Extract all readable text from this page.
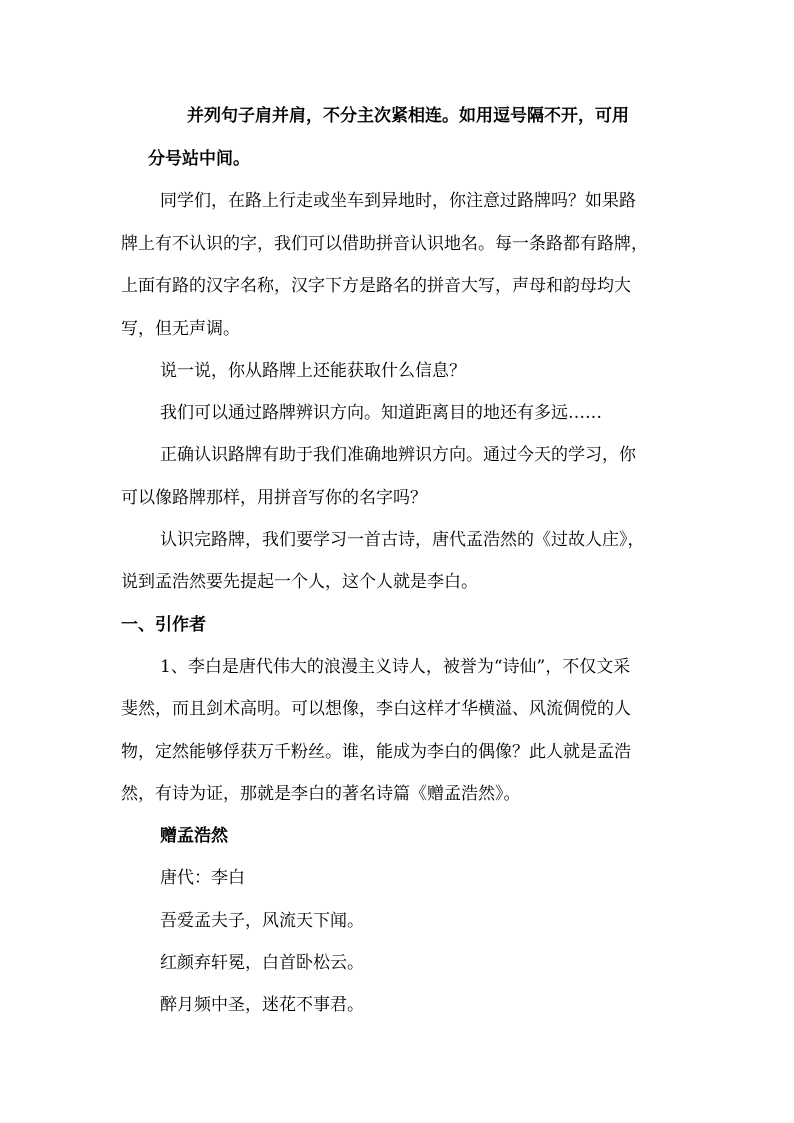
并列句子肩并肩，不分主次紧相连。如用逗号隔不开，可用
分号站中间。
同学们，在路上行走或坐车到异地时，你注意过路牌吗？如果路
牌上有不认识的字，我们可以借助拼音认识地名。每一条路都有路牌，
上面有路的汉字名称，汉字下方是路名的拼音大写，声母和韵母均大
写，但无声调。
说一说，你从路牌上还能获取什么信息？
我们可以通过路牌辨识方向。知道距离目的地还有多远……
正确认识路牌有助于我们准确地辨识方向。通过今天的学习，你
可以像路牌那样，用拼音写你的名字吗？
认识完路牌，我们要学习一首古诗，唐代孟浩然的《过故人庄》，
说到孟浩然要先提起一个人，这个人就是李白。
一、引作者
1、李白是唐代伟大的浪漫主义诗人，被誉为“诗仙”，不仅文采
斐然，而且剑术高明。可以想像，李白这样才华横溢、风流倜傥的人
物，定然能够俘获万千粉丝。谁，能成为李白的偶像？此人就是孟浩
然，有诗为证，那就是李白的著名诗篇《赠孟浩然》。
赠孟浩然
唐代：李白
吾爱孟夫子，风流天下闻。
红颜弃轩冕，白首卧松云。
醉月频中圣，迷花不事君。
